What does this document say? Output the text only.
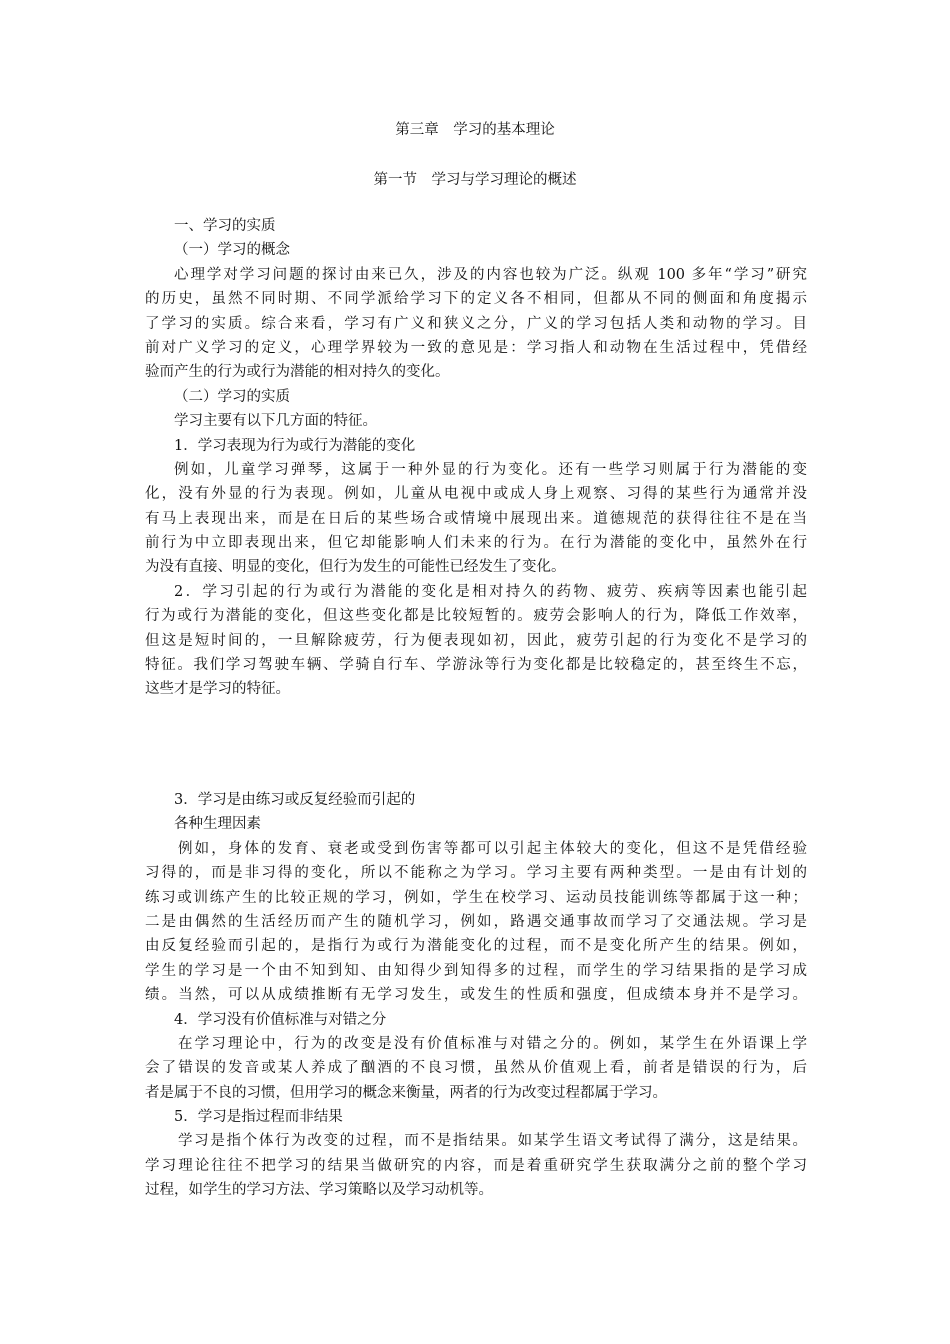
第三章　学习的基本理论
第一节　学习与学习理论的概述
一、学习的实质
（一）学习的概念
心理学对学习问题的探讨由来已久，涉及的内容也较为广泛。纵观 100 多年“学习”研究
的历史，虽然不同时期、不同学派给学习下的定义各不相同，但都从不同的侧面和角度揭示
了学习的实质。综合来看，学习有广义和狭义之分，广义的学习包括人类和动物的学习。目
前对广义学习的定义，心理学界较为一致的意见是：学习指人和动物在生活过程中，凭借经
验而产生的行为或行为潜能的相对持久的变化。
（二）学习的实质
学习主要有以下几方面的特征。
1．学习表现为行为或行为潜能的变化
例如，儿童学习弹琴，这属于一种外显的行为变化。还有一些学习则属于行为潜能的变
化，没有外显的行为表现。例如，儿童从电视中或成人身上观察、习得的某些行为通常并没
有马上表现出来，而是在日后的某些场合或情境中展现出来。道德规范的获得往往不是在当
前行为中立即表现出来，但它却能影响人们未来的行为。在行为潜能的变化中，虽然外在行
为没有直接、明显的变化，但行为发生的可能性已经发生了变化。
2．学习引起的行为或行为潜能的变化是相对持久的药物、疲劳、疾病等因素也能引起
行为或行为潜能的变化，但这些变化都是比较短暂的。疲劳会影响人的行为，降低工作效率，
但这是短时间的，一旦解除疲劳，行为便表现如初，因此，疲劳引起的行为变化不是学习的
特征。我们学习驾驶车辆、学骑自行车、学游泳等行为变化都是比较稳定的，甚至终生不忘，
这些才是学习的特征。
3．学习是由练习或反复经验而引起的
各种生理因素
例如，身体的发育、衰老或受到伤害等都可以引起主体较大的变化，但这不是凭借经验
习得的，而是非习得的变化，所以不能称之为学习。学习主要有两种类型。一是由有计划的
练习或训练产生的比较正规的学习，例如，学生在校学习、运动员技能训练等都属于这一种；
二是由偶然的生活经历而产生的随机学习，例如，路遇交通事故而学习了交通法规。学习是
由反复经验而引起的，是指行为或行为潜能变化的过程，而不是变化所产生的结果。例如，
学生的学习是一个由不知到知、由知得少到知得多的过程，而学生的学习结果指的是学习成
绩。当然，可以从成绩推断有无学习发生，或发生的性质和强度，但成绩本身并不是学习。
4．学习没有价值标准与对错之分
在学习理论中，行为的改变是没有价值标准与对错之分的。例如，某学生在外语课上学
会了错误的发音或某人养成了酗酒的不良习惯，虽然从价值观上看，前者是错误的行为，后
者是属于不良的习惯，但用学习的概念来衡量，两者的行为改变过程都属于学习。
5．学习是指过程而非结果
学习是指个体行为改变的过程，而不是指结果。如某学生语文考试得了满分，这是结果。
学习理论往往不把学习的结果当做研究的内容，而是着重研究学生获取满分之前的整个学习
过程，如学生的学习方法、学习策略以及学习动机等。
